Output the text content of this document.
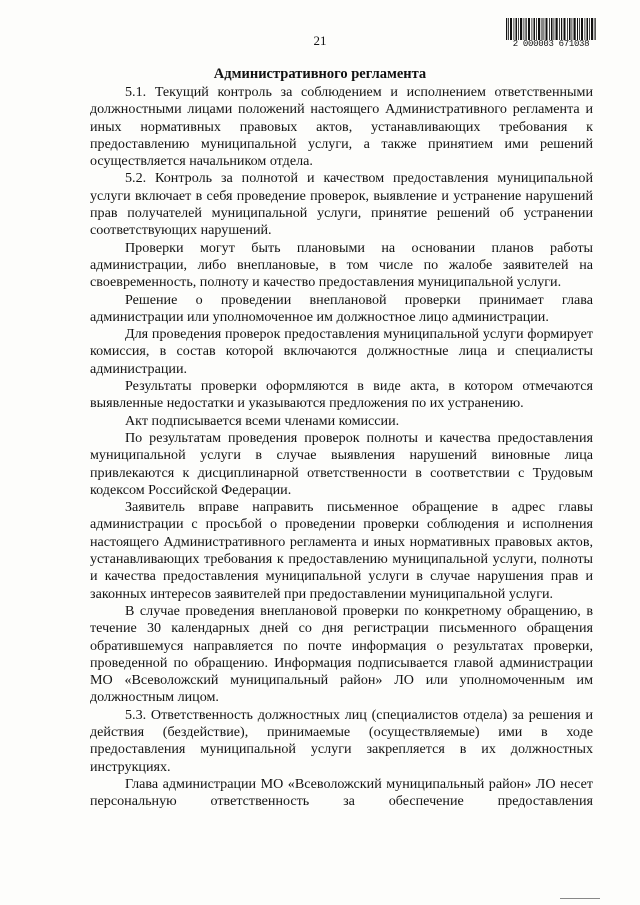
21	2 000003 671038
Административного регламента

5.1. Текущий контроль за соблюдением и исполнением ответственными должностными лицами положений настоящего Административного регламента и иных нормативных правовых актов, устанавливающих требования к предоставлению муниципальной услуги, а также принятием ими решений осуществляется начальником отдела.

5.2. Контроль за полнотой и качеством предоставления муниципальной услуги включает в себя проведение проверок, выявление и устранение нарушений прав получателей муниципальной услуги, принятие решений об устранении соответствующих нарушений.

Проверки могут быть плановыми на основании планов работы администрации, либо внеплановые, в том числе по жалобе заявителей на своевременность, полноту и качество предоставления муниципальной услуги.

Решение о проведении внеплановой проверки принимает глава администрации или уполномоченное им должностное лицо администрации.

Для проведения проверок предоставления муниципальной услуги формирует комиссия, в состав которой включаются должностные лица и специалисты администрации.

Результаты проверки оформляются в виде акта, в котором отмечаются выявленные недостатки и указываются предложения по их устранению.

Акт подписывается всеми членами комиссии.

По результатам проведения проверок полноты и качества предоставления муниципальной услуги в случае выявления нарушений виновные лица привлекаются к дисциплинарной ответственности в соответствии с Трудовым кодексом Российской Федерации.

Заявитель вправе направить письменное обращение в адрес главы администрации с просьбой о проведении проверки соблюдения и исполнения настоящего Административного регламента и иных нормативных правовых актов, устанавливающих требования к предоставлению муниципальной услуги, полноты и качества предоставления муниципальной услуги в случае нарушения прав и законных интересов заявителей при предоставлении муниципальной услуги.

В случае проведения внеплановой проверки по конкретному обращению, в течение 30 календарных дней со дня регистрации письменного обращения обратившемуся направляется по почте информация о результатах проверки, проведенной по обращению. Информация подписывается главой администрации МО «Всеволожский муниципальный район» ЛО или уполномоченным им должностным лицом.

5.3. Ответственность должностных лиц (специалистов отдела) за решения и действия (бездействие), принимаемые (осуществляемые) ими в ходе предоставления муниципальной услуги закрепляется в их должностных инструкциях.

Глава администрации МО «Всеволожский муниципальный район» ЛО несет персональную ответственность за обеспечение предоставления
